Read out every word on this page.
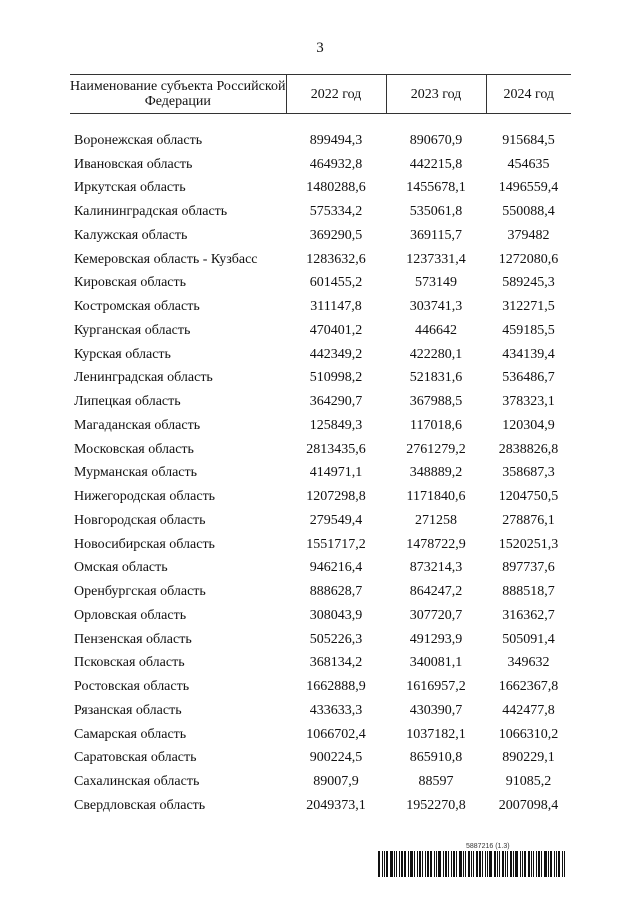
3
Наименование субъекта Российской Федерации	2022 год	2023 год	2024 год

Воронежская область	899494,3	890670,9	915684,5
Ивановская область	464932,8	442215,8	454635
Иркутская область	1480288,6	1455678,1	1496559,4
Калининградская область	575334,2	535061,8	550088,4
Калужская область	369290,5	369115,7	379482
Кемеровская область - Кузбасс	1283632,6	1237331,4	1272080,6
Кировская область	601455,2	573149	589245,3
Костромская область	311147,8	303741,3	312271,5
Курганская область	470401,2	446642	459185,5
Курская область	442349,2	422280,1	434139,4
Ленинградская область	510998,2	521831,6	536486,7
Липецкая область	364290,7	367988,5	378323,1
Магаданская область	125849,3	117018,6	120304,9
Московская область	2813435,6	2761279,2	2838826,8
Мурманская область	414971,1	348889,2	358687,3
Нижегородская область	1207298,8	1171840,6	1204750,5
Новгородская область	279549,4	271258	278876,1
Новосибирская область	1551717,2	1478722,9	1520251,3
Омская область	946216,4	873214,3	897737,6
Оренбургская область	888628,7	864247,2	888518,7
Орловская область	308043,9	307720,7	316362,7
Пензенская область	505226,3	491293,9	505091,4
Псковская область	368134,2	340081,1	349632
Ростовская область	1662888,9	1616957,2	1662367,8
Рязанская область	433633,3	430390,7	442477,8
Самарская область	1066702,4	1037182,1	1066310,2
Саратовская область	900224,5	865910,8	890229,1
Сахалинская область	89007,9	88597	91085,2
Свердловская область	2049373,1	1952270,8	2007098,4
5887216 (1.3)
